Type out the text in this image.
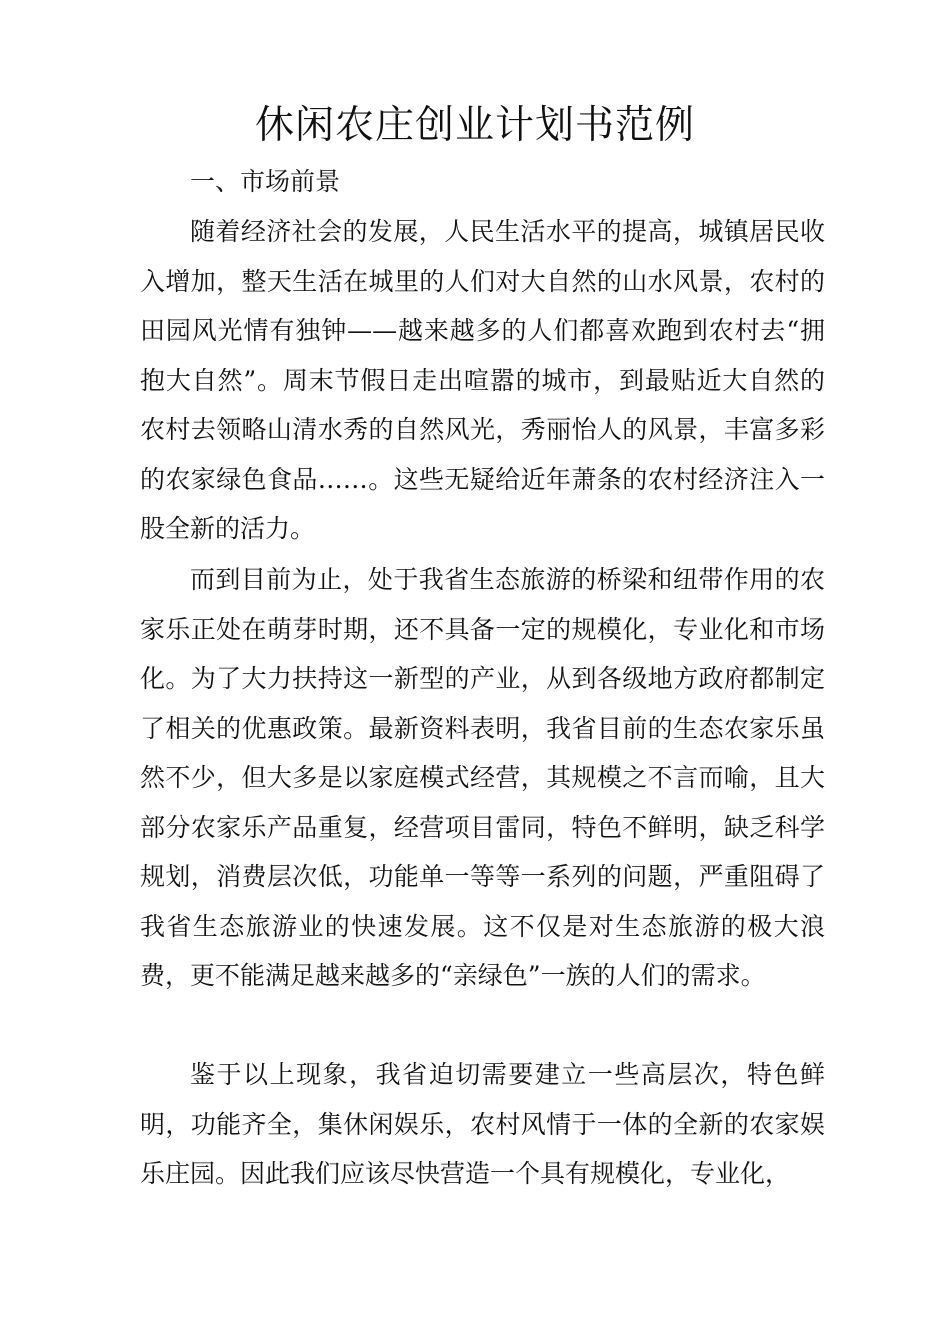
休闲农庄创业计划书范例
一、市场前景
随着经济社会的发展，人民生活水平的提高，城镇居民收入增加，整天生活在城里的人们对大自然的山水风景，农村的田园风光情有独钟——越来越多的人们都喜欢跑到农村去“拥抱大自然”。周末节假日走出喧嚣的城市，到最贴近大自然的农村去领略山清水秀的自然风光，秀丽怡人的风景，丰富多彩的农家绿色食品……。这些无疑给近年萧条的农村经济注入一股全新的活力。
而到目前为止，处于我省生态旅游的桥梁和纽带作用的农家乐正处在萌芽时期，还不具备一定的规模化，专业化和市场化。为了大力扶持这一新型的产业，从到各级地方政府都制定了相关的优惠政策。最新资料表明，我省目前的生态农家乐虽然不少，但大多是以家庭模式经营，其规模之不言而喻，且大部分农家乐产品重复，经营项目雷同，特色不鲜明，缺乏科学规划，消费层次低，功能单一等等一系列的问题，严重阻碍了我省生态旅游业的快速发展。这不仅是对生态旅游的极大浪费，更不能满足越来越多的“亲绿色”一族的人们的需求。
鉴于以上现象，我省迫切需要建立一些高层次，特色鲜明，功能齐全，集休闲娱乐，农村风情于一体的全新的农家娱乐庄园。因此我们应该尽快营造一个具有规模化，专业化，
